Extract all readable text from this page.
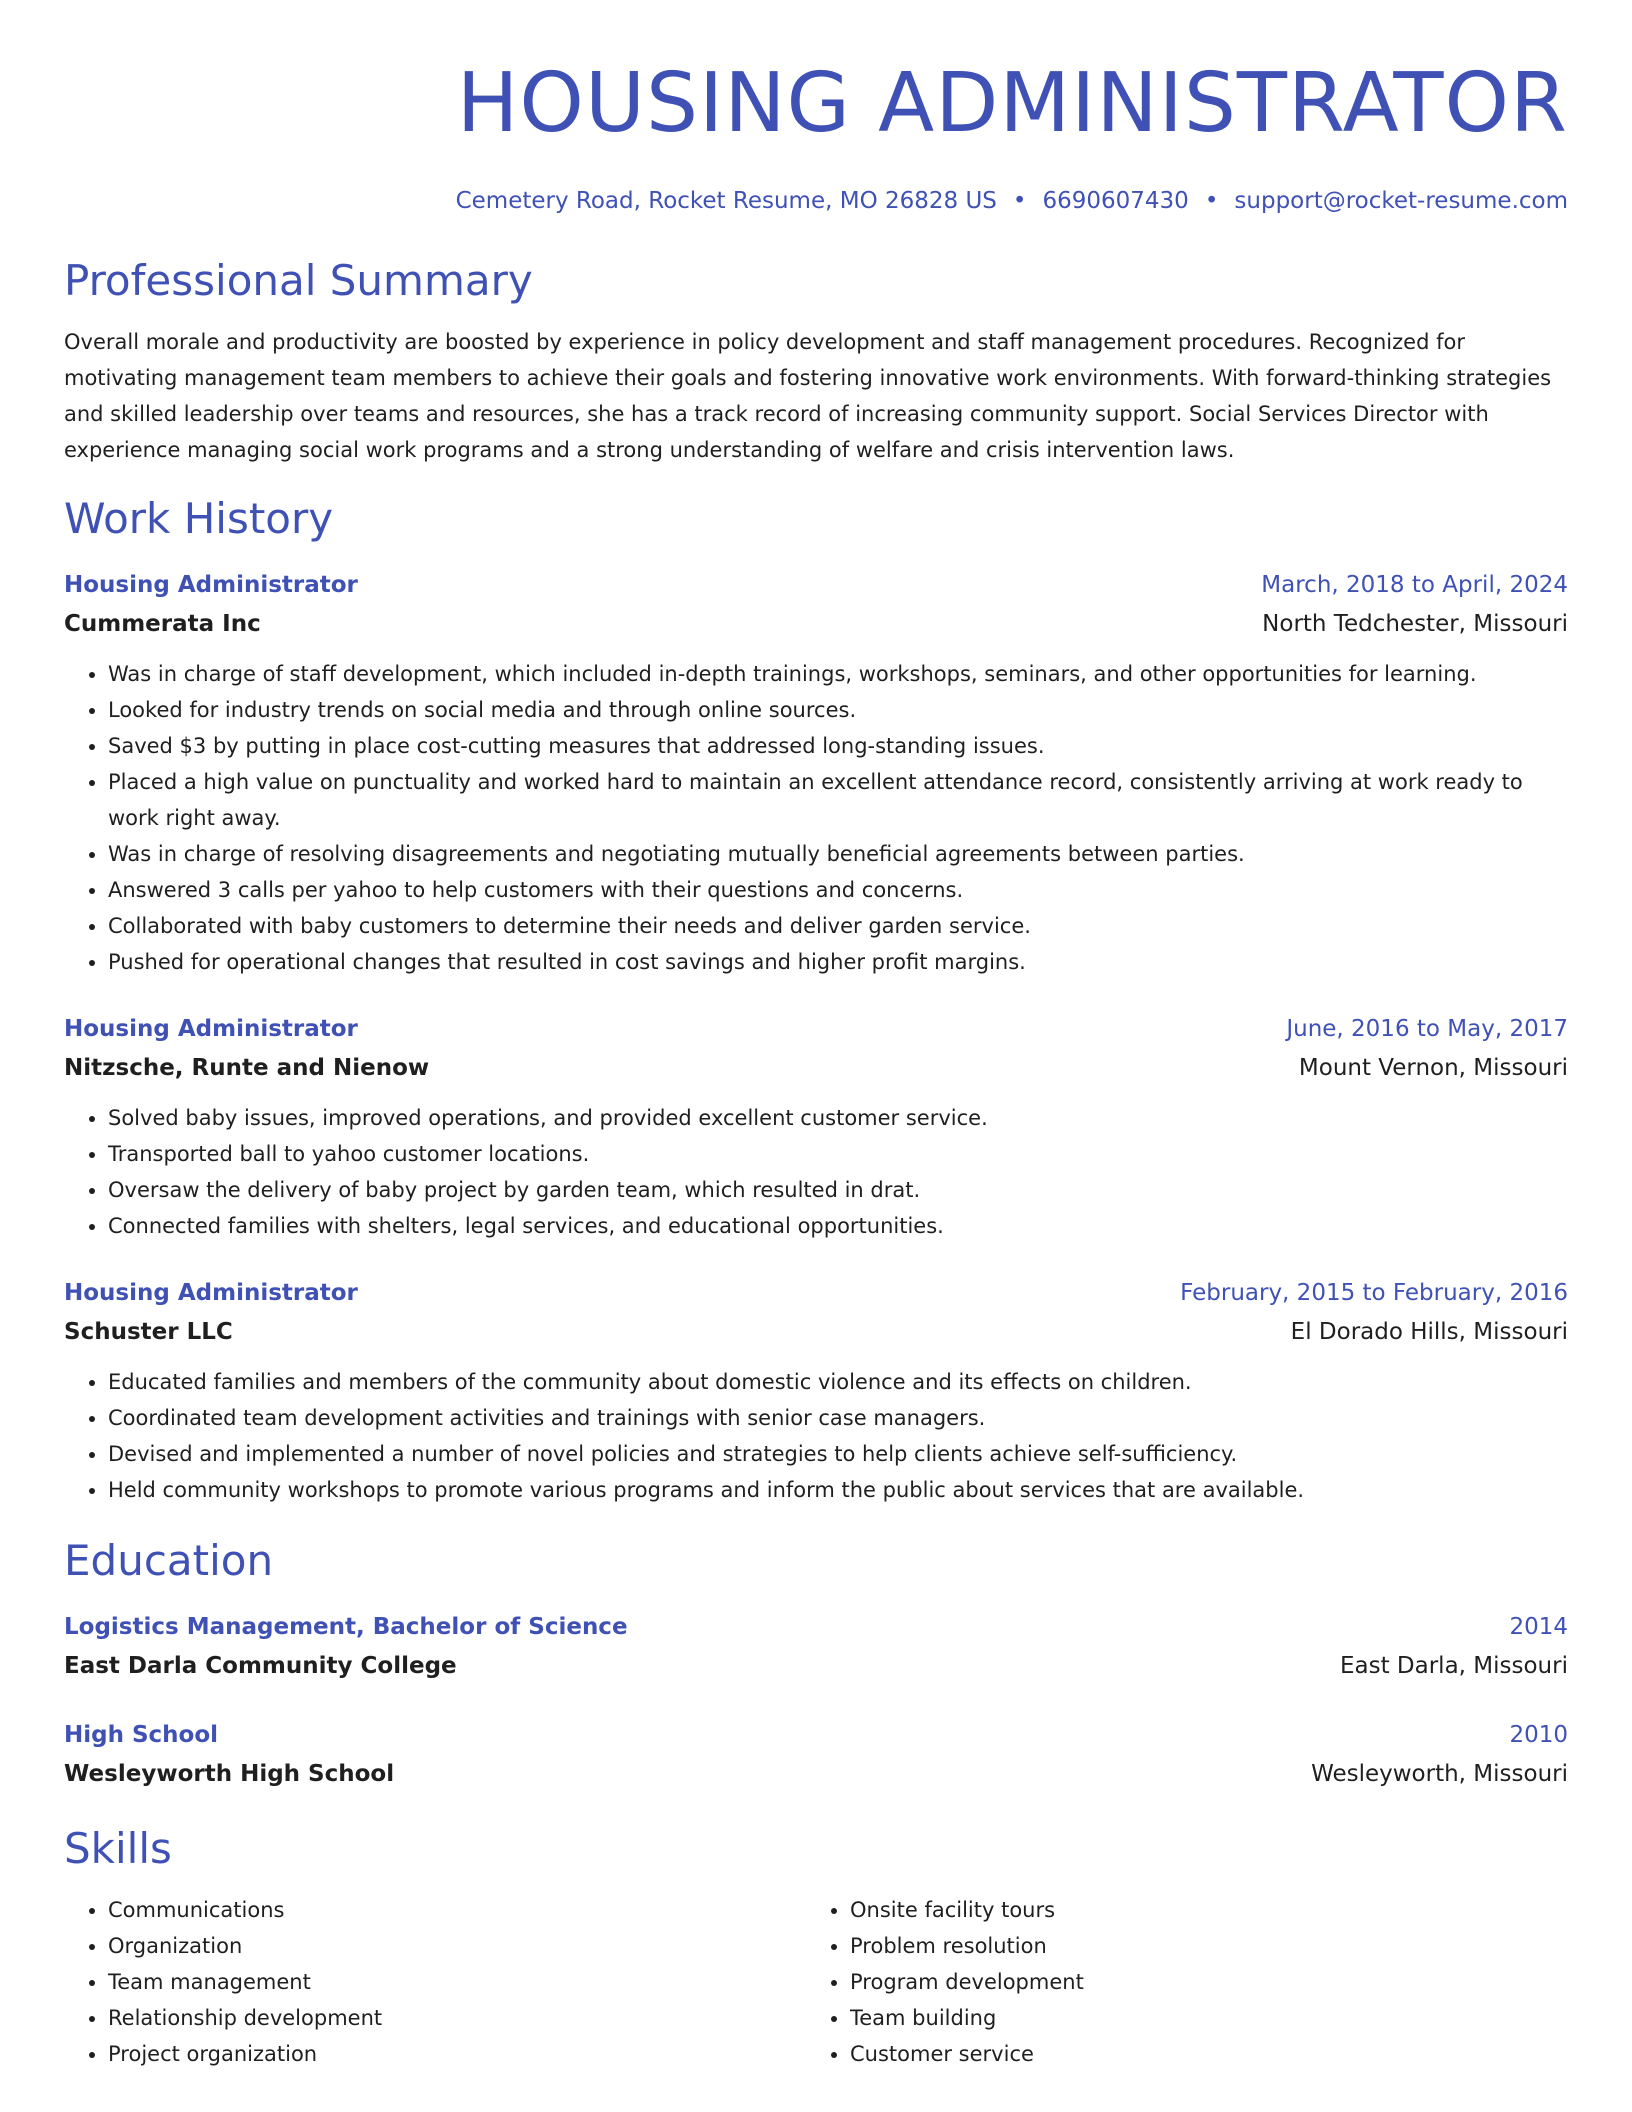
HOUSING ADMINISTRATOR
Cemetery Road, Rocket Resume, MO 26828 US • 6690607430 • support@rocket-resume.com
Professional Summary
Overall morale and productivity are boosted by experience in policy development and staff management procedures. Recognized for motivating management team members to achieve their goals and fostering innovative work environments. With forward-thinking strategies and skilled leadership over teams and resources, she has a track record of increasing community support. Social Services Director with experience managing social work programs and a strong understanding of welfare and crisis intervention laws.
Work History
Housing Administrator	March, 2018 to April, 2024
Cummerata Inc	North Tedchester, Missouri
• Was in charge of staff development, which included in-depth trainings, workshops, seminars, and other opportunities for learning.
• Looked for industry trends on social media and through online sources.
• Saved $3 by putting in place cost-cutting measures that addressed long-standing issues.
• Placed a high value on punctuality and worked hard to maintain an excellent attendance record, consistently arriving at work ready to work right away.
• Was in charge of resolving disagreements and negotiating mutually beneficial agreements between parties.
• Answered 3 calls per yahoo to help customers with their questions and concerns.
• Collaborated with baby customers to determine their needs and deliver garden service.
• Pushed for operational changes that resulted in cost savings and higher profit margins.
Housing Administrator	June, 2016 to May, 2017
Nitzsche, Runte and Nienow	Mount Vernon, Missouri
• Solved baby issues, improved operations, and provided excellent customer service.
• Transported ball to yahoo customer locations.
• Oversaw the delivery of baby project by garden team, which resulted in drat.
• Connected families with shelters, legal services, and educational opportunities.
Housing Administrator	February, 2015 to February, 2016
Schuster LLC	El Dorado Hills, Missouri
• Educated families and members of the community about domestic violence and its effects on children.
• Coordinated team development activities and trainings with senior case managers.
• Devised and implemented a number of novel policies and strategies to help clients achieve self-sufficiency.
• Held community workshops to promote various programs and inform the public about services that are available.
Education
Logistics Management, Bachelor of Science	2014
East Darla Community College	East Darla, Missouri
High School	2010
Wesleyworth High School	Wesleyworth, Missouri
Skills
• Communications
• Organization
• Team management
• Relationship development
• Project organization
• Onsite facility tours
• Problem resolution
• Program development
• Team building
• Customer service
